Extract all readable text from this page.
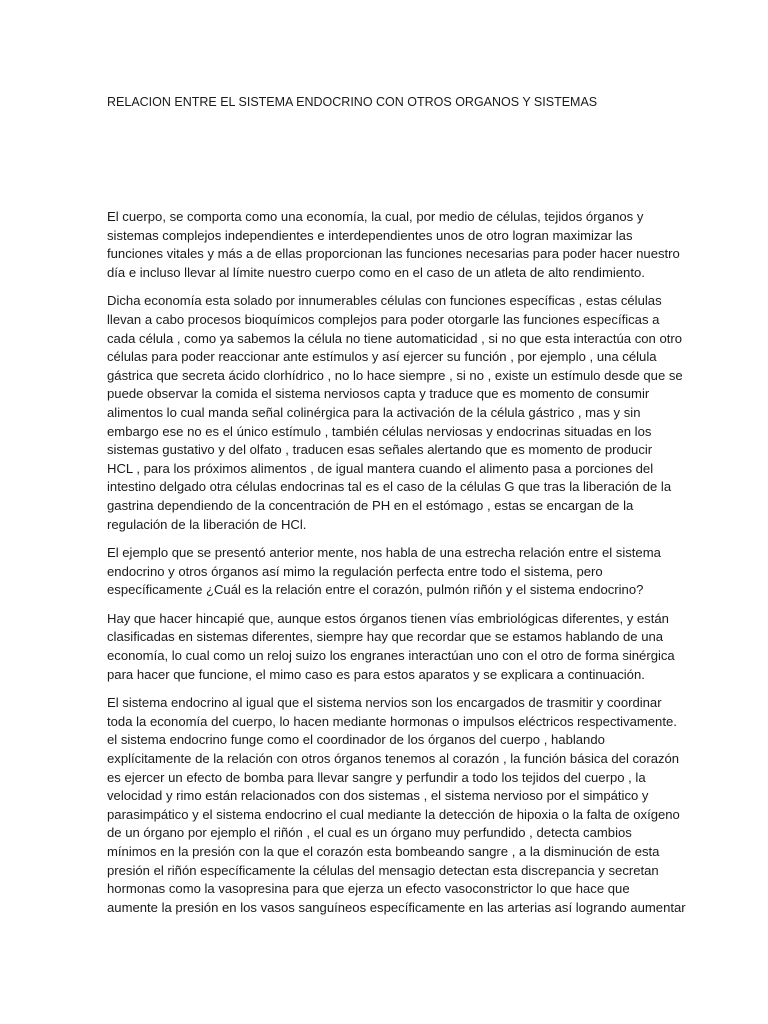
RELACION ENTRE EL SISTEMA ENDOCRINO CON OTROS ORGANOS Y SISTEMAS

El cuerpo, se comporta como una economía, la cual, por medio de células, tejidos órganos y
sistemas complejos independientes e interdependientes unos de otro logran maximizar las
funciones vitales y más a de ellas proporcionan las funciones necesarias para poder hacer nuestro
día e incluso llevar al límite nuestro cuerpo como en el caso de un atleta de alto rendimiento.

Dicha economía esta solado por innumerables células con funciones específicas , estas células
llevan a cabo procesos bioquímicos complejos para poder otorgarle las funciones específicas a
cada célula , como ya sabemos la célula no tiene automaticidad , si no que esta interactúa con otro
células para poder reaccionar ante estímulos y así ejercer su función , por ejemplo , una célula
gástrica que secreta ácido clorhídrico , no lo hace siempre , si no , existe un estímulo desde que se
puede observar la comida el sistema nerviosos capta y traduce que es momento de consumir
alimentos lo cual manda señal colinérgica para la activación de la célula gástrico , mas y sin
embargo ese no es el único estímulo , también células nerviosas y endocrinas situadas en los
sistemas gustativo y del olfato , traducen esas señales alertando que es momento de producir
HCL , para los próximos alimentos , de igual mantera cuando el alimento pasa a porciones del
intestino delgado otra células endocrinas tal es el caso de la células G que tras la liberación de la
gastrina dependiendo de la concentración de PH en el estómago , estas se encargan de la
regulación de la liberación de HCl.

El ejemplo que se presentó anterior mente, nos habla de una estrecha relación entre el sistema
endocrino y otros órganos así mimo la regulación perfecta entre todo el sistema, pero
específicamente ¿Cuál es la relación entre el corazón, pulmón riñón y el sistema endocrino?

Hay que hacer hincapié que, aunque estos órganos tienen vías embriológicas diferentes, y están
clasificadas en sistemas diferentes, siempre hay que recordar que se estamos hablando de una
economía, lo cual como un reloj suizo los engranes interactúan uno con el otro de forma sinérgica
para hacer que funcione, el mimo caso es para estos aparatos y se explicara a continuación.

El sistema endocrino al igual que el sistema nervios son los encargados de trasmitir y coordinar
toda la economía del cuerpo, lo hacen mediante hormonas o impulsos eléctricos respectivamente.
el sistema endocrino funge como el coordinador de los órganos del cuerpo , hablando
explícitamente de la relación con otros órganos tenemos al corazón , la función básica del corazón
es ejercer un efecto de bomba para llevar sangre y perfundir a todo los tejidos del cuerpo , la
velocidad y rimo están relacionados con dos sistemas , el sistema nervioso por el simpático y
parasimpático y el sistema endocrino el cual mediante la detección de hipoxia o la falta de oxígeno
de un órgano por ejemplo el riñón , el cual es un órgano muy perfundido , detecta cambios
mínimos en la presión con la que el corazón esta bombeando sangre , a la disminución de esta
presión el riñón específicamente la células del mensagio detectan esta discrepancia y secretan
hormonas como la vasopresina para que ejerza un efecto vasoconstrictor lo que hace que
aumente la presión en los vasos sanguíneos específicamente en las arterias así logrando aumentar
